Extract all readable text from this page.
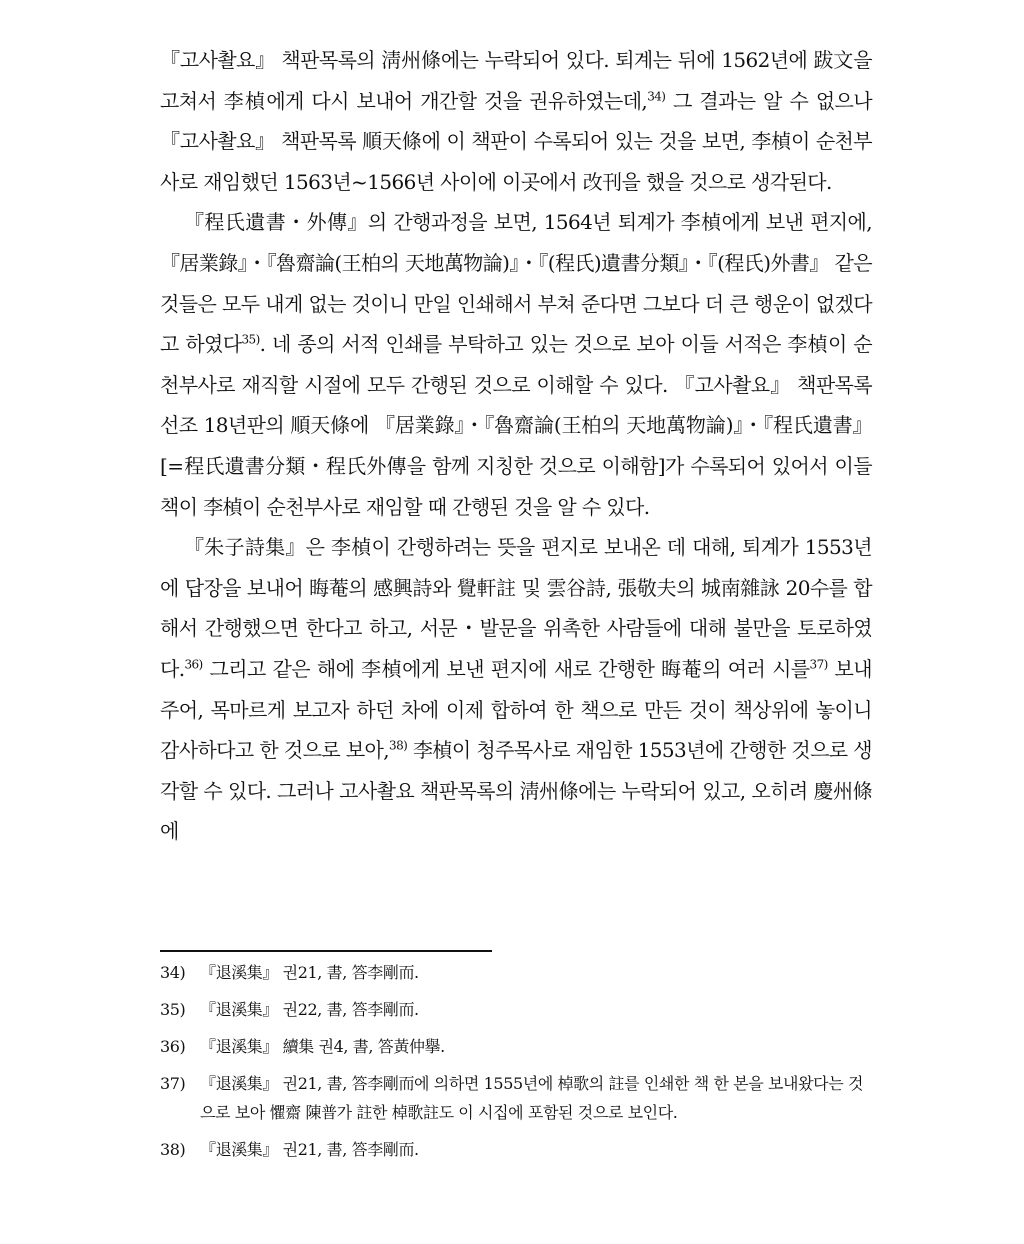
『고사촬요』 책판목록의 淸州條에는 누락되어 있다. 퇴계는 뒤에 1562년에 跋文을 고쳐서 李楨에게 다시 보내어 개간할 것을 권유하였는데,$^{34)}$ 그 결과는 알 수 없으나 『고사촬요』 책판목록 順天條에 이 책판이 수록되어 있는 것을 보면, 李楨이 순천부사로 재임했던 1563년~1566년 사이에 이곳에서 改刊을 했을 것으로 생각된다.

『程氏遺書・外傳』의 간행과정을 보면, 1564년 퇴계가 李楨에게 보낸 편지에, 『居業錄』・『魯齋論(王柏의 天地萬物論)』・『(程氏)遺書分類』・『(程氏)外書』 같은 것들은 모두 내게 없는 것이니 만일 인쇄해서 부쳐 준다면 그보다 더 큰 행운이 없겠다고 하였다$^{35)}$. 네 종의 서적 인쇄를 부탁하고 있는 것으로 보아 이들 서적은 李楨이 순천부사로 재직할 시절에 모두 간행된 것으로 이해할 수 있다. 『고사촬요』 책판목록 선조 18년판의 順天條에 『居業錄』・『魯齋論(王柏의 天地萬物論)』・『程氏遺書』[=程氏遺書分類・程氏外傳을 함께 지칭한 것으로 이해함]가 수록되어 있어서 이들 책이 李楨이 순천부사로 재임할 때 간행된 것을 알 수 있다.

『朱子詩集』은 李楨이 간행하려는 뜻을 편지로 보내온 데 대해, 퇴계가 1553년에 답장을 보내어 晦菴의 感興詩와 覺軒註 및 雲谷詩, 張敬夫의 城南雜詠 20수를 합해서 간행했으면 한다고 하고, 서문・발문을 위촉한 사람들에 대해 불만을 토로하였다.$^{36)}$ 그리고 같은 해에 李楨에게 보낸 편지에 새로 간행한 晦菴의 여러 시를$^{37)}$ 보내주어, 목마르게 보고자 하던 차에 이제 합하여 한 책으로 만든 것이 책상위에 놓이니 감사하다고 한 것으로 보아,$^{38)}$ 李楨이 청주목사로 재임한 1553년에 간행한 것으로 생각할 수 있다. 그러나 고사촬요 책판목록의 淸州條에는 누락되어 있고, 오히려 慶州條에

34) 『退溪集』 권21, 書, 答李剛而.
35) 『退溪集』 권22, 書, 答李剛而.
36) 『退溪集』 續集 권4, 書, 答黃仲擧.
37) 『退溪集』 권21, 書, 答李剛而에 의하면 1555년에 棹歌의 註를 인쇄한 책 한 본을 보내왔다는 것으로 보아 懼齋 陳普가 註한 棹歌註도 이 시집에 포함된 것으로 보인다.
38) 『退溪集』 권21, 書, 答李剛而.
